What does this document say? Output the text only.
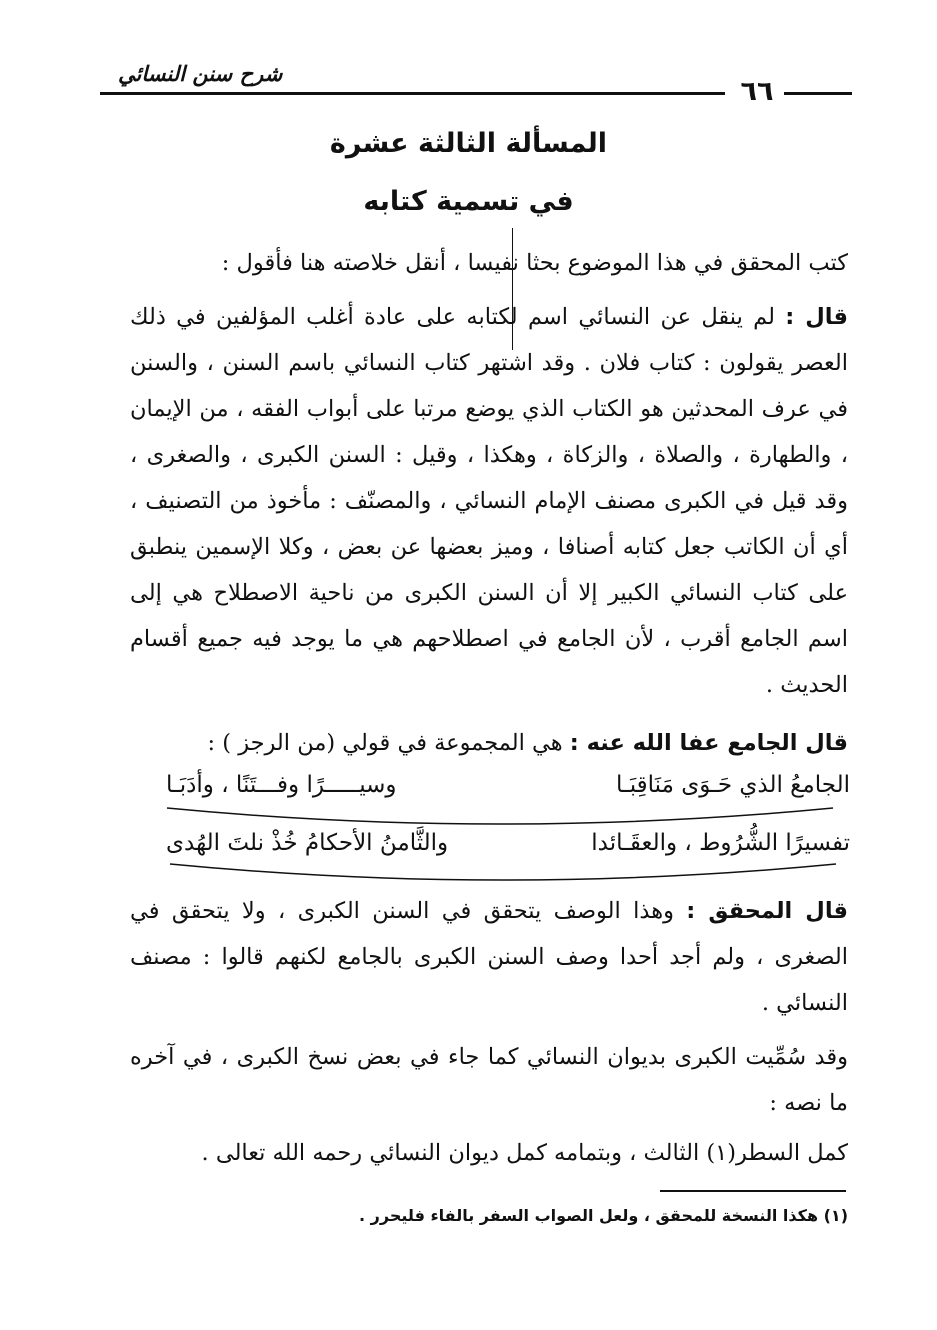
شرح سنن النسائي
٦٦
المسألة الثالثة عشرة
في تسمية كتابه
كتب المحقق في هذا الموضوع بحثا نفيسا ، أنقل خلاصته هنا فأقول :
قال : لم ينقل عن النسائي اسم لكتابه على عادة أغلب المؤلفين في ذلك العصر يقولون : كتاب فلان . وقد اشتهر كتاب النسائي باسم السنن ، والسنن في عرف المحدثين هو الكتاب الذي يوضع مرتبا على أبواب الفقه ، من الإيمان ، والطهارة ، والصلاة ، والزكاة ، وهكذا ، وقيل : السنن الكبرى ، والصغرى ، وقد قيل في الكبرى مصنف الإمام النسائي ، والمصنّف : مأخوذ من التصنيف ، أي أن الكاتب جعل كتابه أصنافا ، وميز بعضها عن بعض ، وكلا الإسمين ينطبق على كتاب النسائي الكبير إلا أن السنن الكبرى من ناحية الاصطلاح هي إلى اسم الجامع أقرب ، لأن الجامع في اصطلاحهم هي ما يوجد فيه جميع أقسام الحديث .
قال الجامع عفا الله عنه : هي المجموعة في قولي (من الرجز ) :
الجامعُ الذي حَـوَى مَنَاقِبَـا
وسيـــــرًا وفـــتَنًا ، وأدَبَـا
تفسيرًا الشُّرُوط ، والعقَـائدا
والثَّامنُ الأحكامُ خُذْ نلتَ الهُدى
قال المحقق : وهذا الوصف يتحقق في السنن الكبرى ، ولا يتحقق في الصغرى ، ولم أجد أحدا وصف السنن الكبرى بالجامع لكنهم قالوا : مصنف النسائي .
وقد سُمِّيت الكبرى بديوان النسائي كما جاء في بعض نسخ الكبرى ، في آخره ما نصه :
كمل السطر(١) الثالث ، وبتمامه كمل ديوان النسائي رحمه الله تعالى .
(١) هكذا النسخة للمحقق ، ولعل الصواب السفر بالفاء فليحرر .
